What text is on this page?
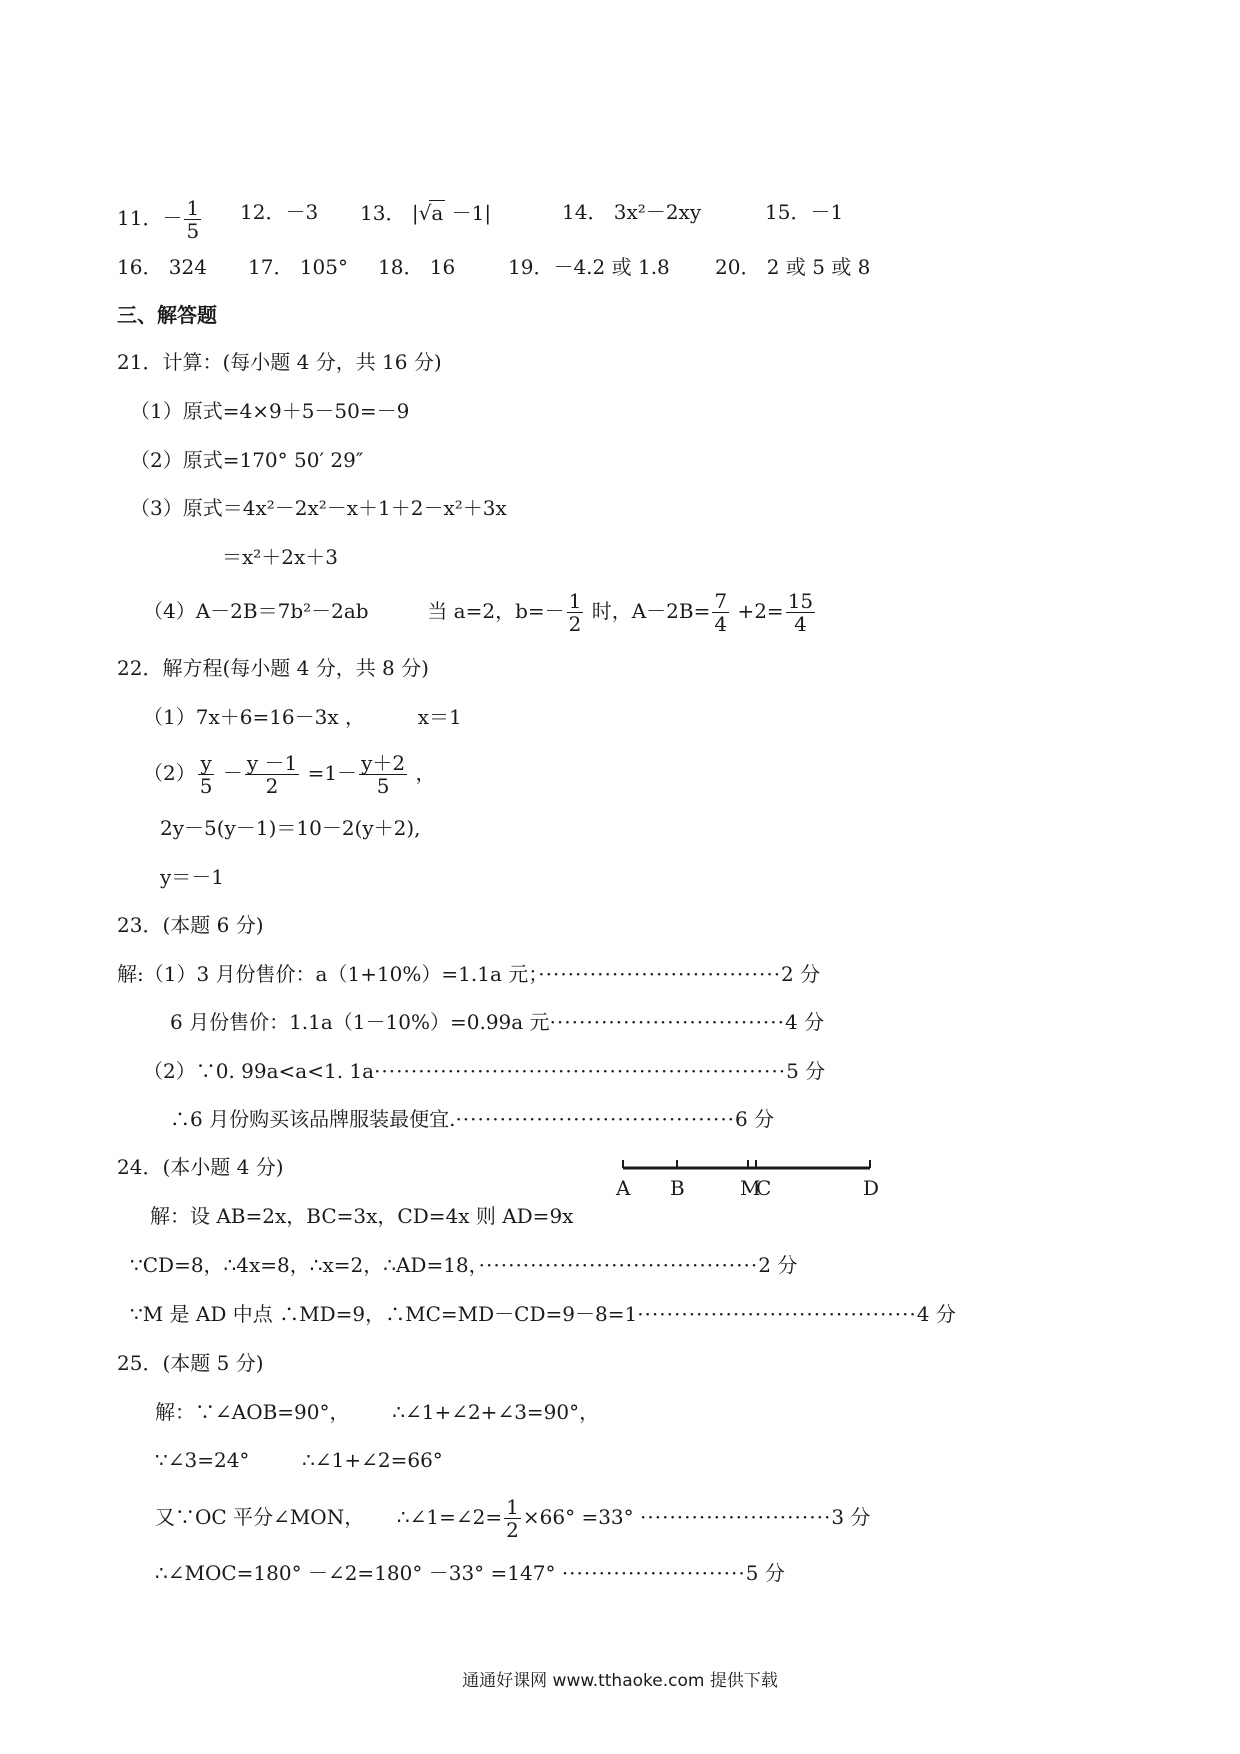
11．－ $\frac{1}{5} 12$．－3 13． |√a －1|	14． 3x²－2xy	15．－1
16． 324 17． 105° 18． 16	19．－4.2 或 1.8 20． 2 或 5 或 8
三、解答题
21．计算：(每小题 4 分，共 16 分)
（1）原式=4×9＋5－50=－9
（2）原式=170° 50′ 29″
（3）原式＝4x²－2x²－x＋1＋2－x²＋3x
＝x²＋2x＋3
（4）A－2B＝7b²－2ab	当 a=2，$b=- \frac{1}{2}$ 时，$A-2B= \frac{7}{4} +2= \frac{15}{4}$
22．解方程(每小题 4 分，共 8 分)
（1）7x＋6=16－3x ，	x＝1
$(2) \frac{y}{5} - \frac{y -1}{2} =1- \frac{y+2}{5}$ ，
2y－5(y－1)＝10－2(y＋2),
y＝－1
23．(本题 6 分)
解:（1）3 月份售价：a（1+10%）=1.1a 元；·································2 分
6 月份售价：1.1a（1－10%）=0.99a 元································4 分
（2）∵0. 99a<a<1. 1a························································5 分
∴6 月份购买该品牌服装最便宜.······································6 分
24．(本小题 4 分)
A B	M
C	D
解：设 AB=2x，BC=3x，CD=4x 则 AD=9x
∵CD=8，∴4x=8，∴x=2，∴AD=18，······································2 分
∵M 是 AD 中点 ∴MD=9，∴MC=MD－CD=9－8=1······································4 分
25．(本题 5 分)
解：∵∠AOB=90°， ∴∠1+∠2+∠3=90°，
∵∠3=24°	∴∠1+∠2=66°
又∵OC 平分∠MON， ∴∠1=∠2= $\frac{1}{2} \times 66^\circ =33^\circ \cdot\cdot\cdot\cdot\cdot\cdot\cdot\cdot\cdot\cdot\cdot\cdot\cdot\cdot\cdot\cdot\cdot\cdot\cdot\cdot\cdot\cdot\cdot\cdot\cdot\cdot 3$ 分
∴∠MOC=180° －∠2=180° －33° =147° ·························5 分
通通好课网 www.tthaoke.com 提供下载
